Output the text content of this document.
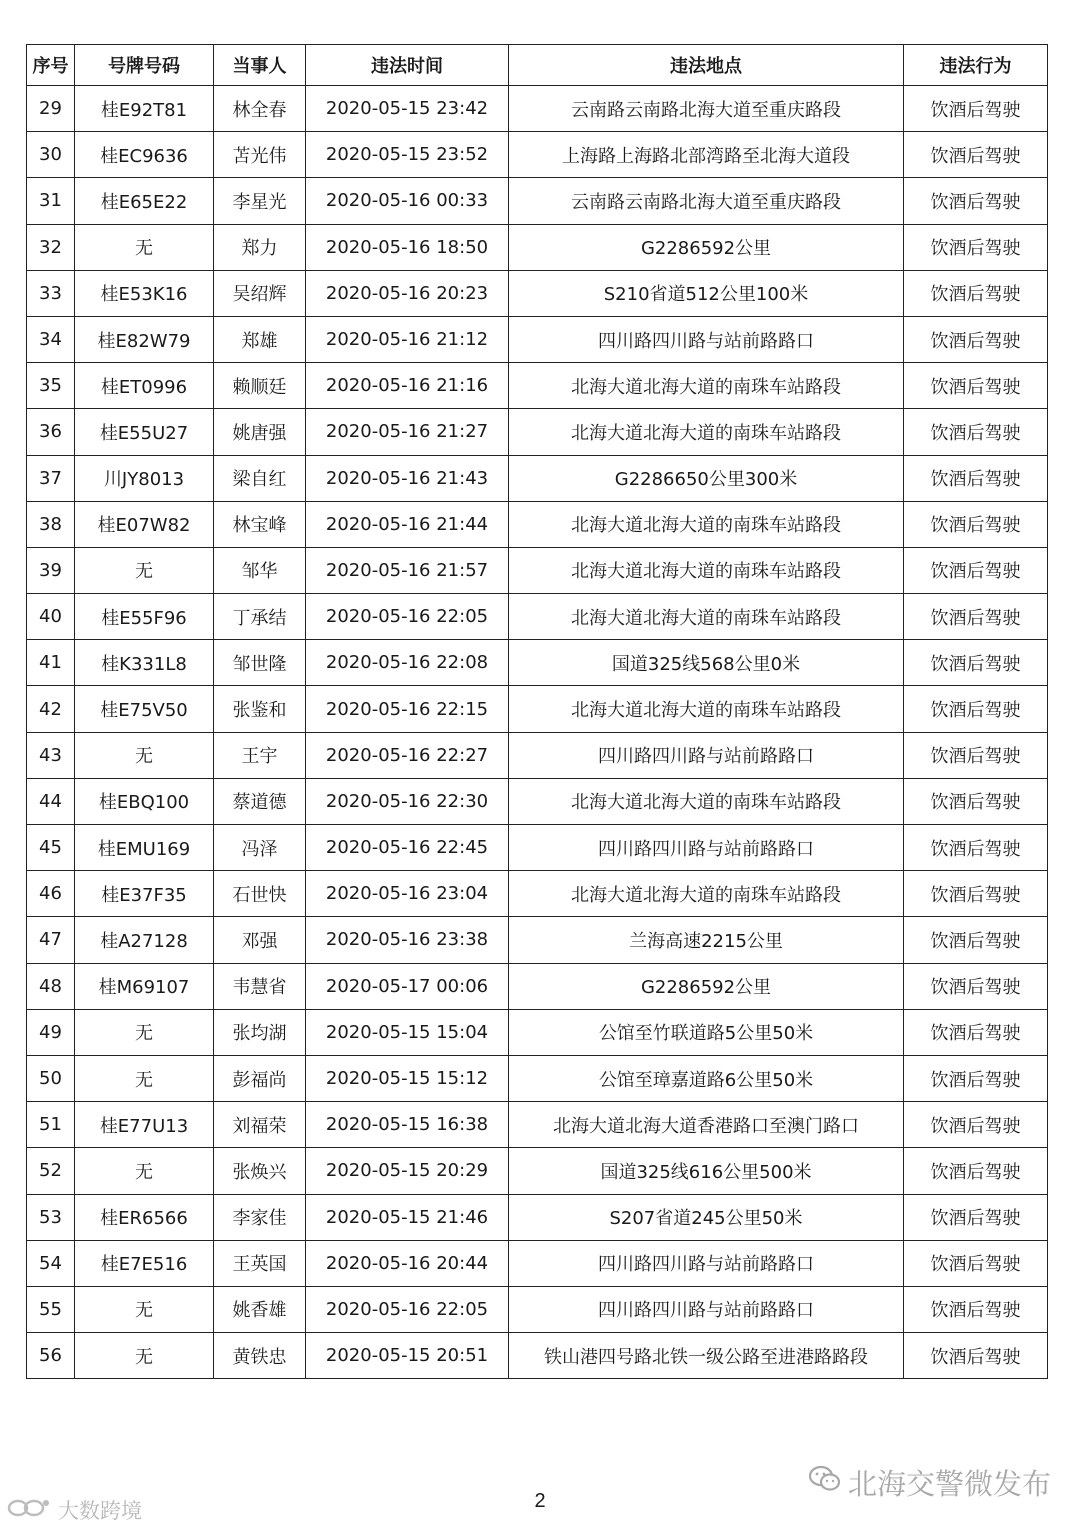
序号	号牌号码	当事人	违法时间	违法地点	违法行为
29	桂E92T81	林全春	2020-05-15 23:42	云南路云南路北海大道至重庆路段	饮酒后驾驶
30	桂EC9636	苫光伟	2020-05-15 23:52	上海路上海路北部湾路至北海大道段	饮酒后驾驶
31	桂E65E22	李星光	2020-05-16 00:33	云南路云南路北海大道至重庆路段	饮酒后驾驶
32	无	郑力	2020-05-16 18:50	G2286592公里	饮酒后驾驶
33	桂E53K16	吴绍辉	2020-05-16 20:23	S210省道512公里100米	饮酒后驾驶
34	桂E82W79	郑雄	2020-05-16 21:12	四川路四川路与站前路路口	饮酒后驾驶
35	桂ET0996	赖顺廷	2020-05-16 21:16	北海大道北海大道的南珠车站路段	饮酒后驾驶
36	桂E55U27	姚唐强	2020-05-16 21:27	北海大道北海大道的南珠车站路段	饮酒后驾驶
37	川JY8013	梁自红	2020-05-16 21:43	G2286650公里300米	饮酒后驾驶
38	桂E07W82	林宝峰	2020-05-16 21:44	北海大道北海大道的南珠车站路段	饮酒后驾驶
39	无	邹华	2020-05-16 21:57	北海大道北海大道的南珠车站路段	饮酒后驾驶
40	桂E55F96	丁承结	2020-05-16 22:05	北海大道北海大道的南珠车站路段	饮酒后驾驶
41	桂K331L8	邹世隆	2020-05-16 22:08	国道325线568公里0米	饮酒后驾驶
42	桂E75V50	张鉴和	2020-05-16 22:15	北海大道北海大道的南珠车站路段	饮酒后驾驶
43	无	王宇	2020-05-16 22:27	四川路四川路与站前路路口	饮酒后驾驶
44	桂EBQ100	蔡道德	2020-05-16 22:30	北海大道北海大道的南珠车站路段	饮酒后驾驶
45	桂EMU169	冯泽	2020-05-16 22:45	四川路四川路与站前路路口	饮酒后驾驶
46	桂E37F35	石世快	2020-05-16 23:04	北海大道北海大道的南珠车站路段	饮酒后驾驶
47	桂A27128	邓强	2020-05-16 23:38	兰海高速2215公里	饮酒后驾驶
48	桂M69107	韦慧省	2020-05-17 00:06	G2286592公里	饮酒后驾驶
49	无	张均湖	2020-05-15 15:04	公馆至竹联道路5公里50米	饮酒后驾驶
50	无	彭福尚	2020-05-15 15:12	公馆至璋嘉道路6公里50米	饮酒后驾驶
51	桂E77U13	刘福荣	2020-05-15 16:38	北海大道北海大道香港路口至澳门路口	饮酒后驾驶
52	无	张焕兴	2020-05-15 20:29	国道325线616公里500米	饮酒后驾驶
53	桂ER6566	李家佳	2020-05-15 21:46	S207省道245公里50米	饮酒后驾驶
54	桂E7E516	王英国	2020-05-16 20:44	四川路四川路与站前路路口	饮酒后驾驶
55	无	姚香雄	2020-05-16 22:05	四川路四川路与站前路路口	饮酒后驾驶
56	无	黄铁忠	2020-05-15 20:51	铁山港四号路北铁一级公路至进港路路段	饮酒后驾驶
2
大数跨境
北海交警微发布
